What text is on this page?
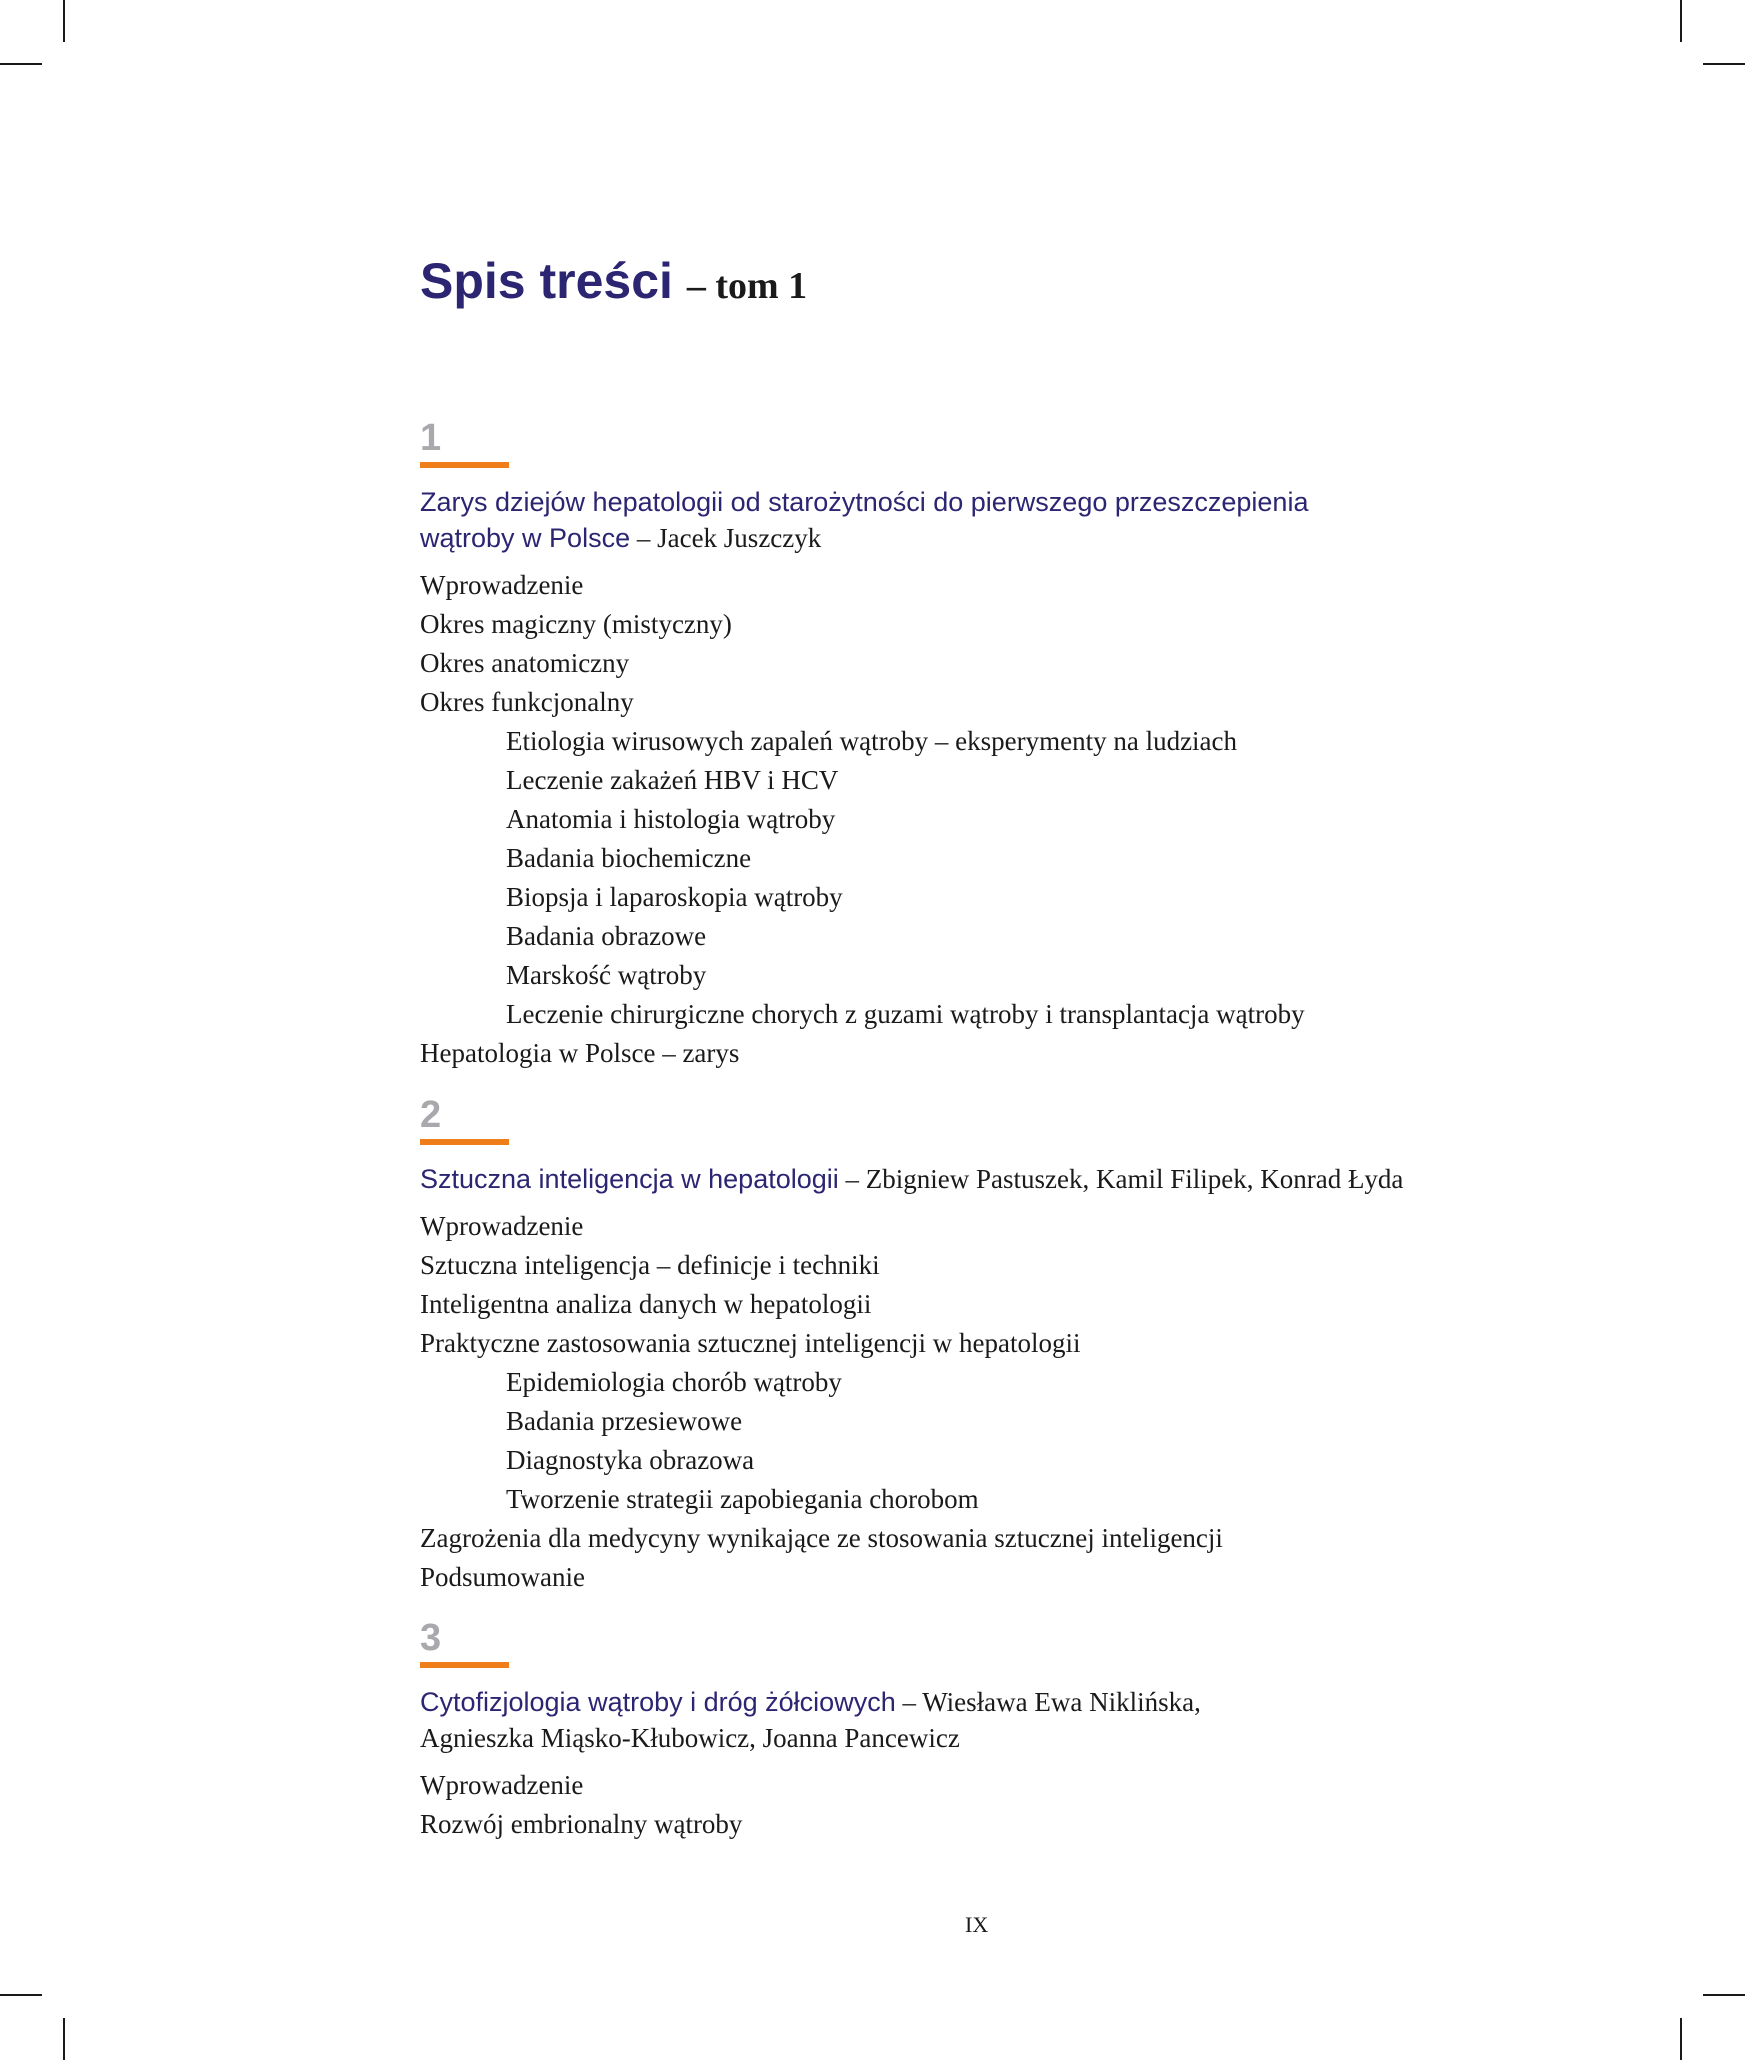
Spis treści – tom 1
1
Zarys dziejów hepatologii od starożytności do pierwszego przeszczepienia
wątroby w Polsce – Jacek Juszczyk
Wprowadzenie
Okres magiczny (mistyczny)
Okres anatomiczny
Okres funkcjonalny
Etiologia wirusowych zapaleń wątroby – eksperymenty na ludziach
Leczenie zakażeń HBV i HCV
Anatomia i histologia wątroby
Badania biochemiczne
Biopsja i laparoskopia wątroby
Badania obrazowe
Marskość wątroby
Leczenie chirurgiczne chorych z guzami wątroby i transplantacja wątroby
Hepatologia w Polsce – zarys
2
Sztuczna inteligencja w hepatologii – Zbigniew Pastuszek, Kamil Filipek, Konrad Łyda
Wprowadzenie
Sztuczna inteligencja – definicje i techniki
Inteligentna analiza danych w hepatologii
Praktyczne zastosowania sztucznej inteligencji w hepatologii
Epidemiologia chorób wątroby
Badania przesiewowe
Diagnostyka obrazowa
Tworzenie strategii zapobiegania chorobom
Zagrożenia dla medycyny wynikające ze stosowania sztucznej inteligencji
Podsumowanie
3
Cytofizjologia wątroby i dróg żółciowych – Wiesława Ewa Niklińska,
Agnieszka Miąsko-Kłubowicz, Joanna Pancewicz
Wprowadzenie
Rozwój embrionalny wątroby
IX
